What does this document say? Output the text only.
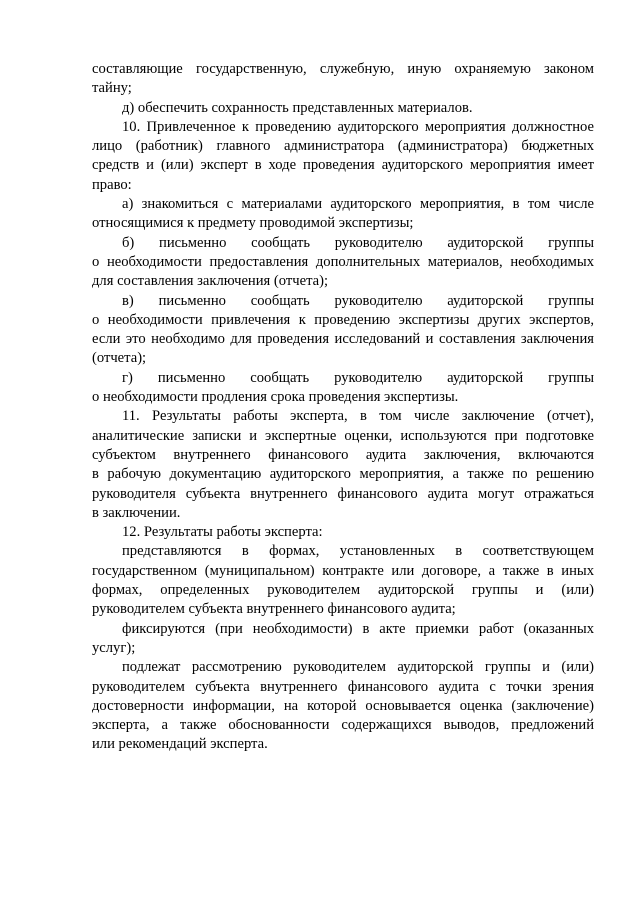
составляющие государственную, служебную, иную охраняемую законом
тайну;
д) обеспечить сохранность представленных материалов.
10. Привлеченное к проведению аудиторского мероприятия должностное
лицо (работник) главного администратора (администратора) бюджетных
средств и (или) эксперт в ходе проведения аудиторского мероприятия имеет
право:
а) знакомиться с материалами аудиторского мероприятия, в том числе
относящимися к предмету проводимой экспертизы;
б) письменно сообщать руководителю аудиторской группы
о необходимости предоставления дополнительных материалов, необходимых
для составления заключения (отчета);
в) письменно сообщать руководителю аудиторской группы
о необходимости привлечения к проведению экспертизы других экспертов,
если это необходимо для проведения исследований и составления заключения
(отчета);
г) письменно сообщать руководителю аудиторской группы
о необходимости продления срока проведения экспертизы.
11. Результаты работы эксперта, в том числе заключение (отчет),
аналитические записки и экспертные оценки, используются при подготовке
субъектом внутреннего финансового аудита заключения, включаются
в рабочую документацию аудиторского мероприятия, а также по решению
руководителя субъекта внутреннего финансового аудита могут отражаться
в заключении.
12. Результаты работы эксперта:
представляются в формах, установленных в соответствующем
государственном (муниципальном) контракте или договоре, а также в иных
формах, определенных руководителем аудиторской группы и (или)
руководителем субъекта внутреннего финансового аудита;
фиксируются (при необходимости) в акте приемки работ (оказанных
услуг);
подлежат рассмотрению руководителем аудиторской группы и (или)
руководителем субъекта внутреннего финансового аудита с точки зрения
достоверности информации, на которой основывается оценка (заключение)
эксперта, а также обоснованности содержащихся выводов, предложений
или рекомендаций эксперта.
